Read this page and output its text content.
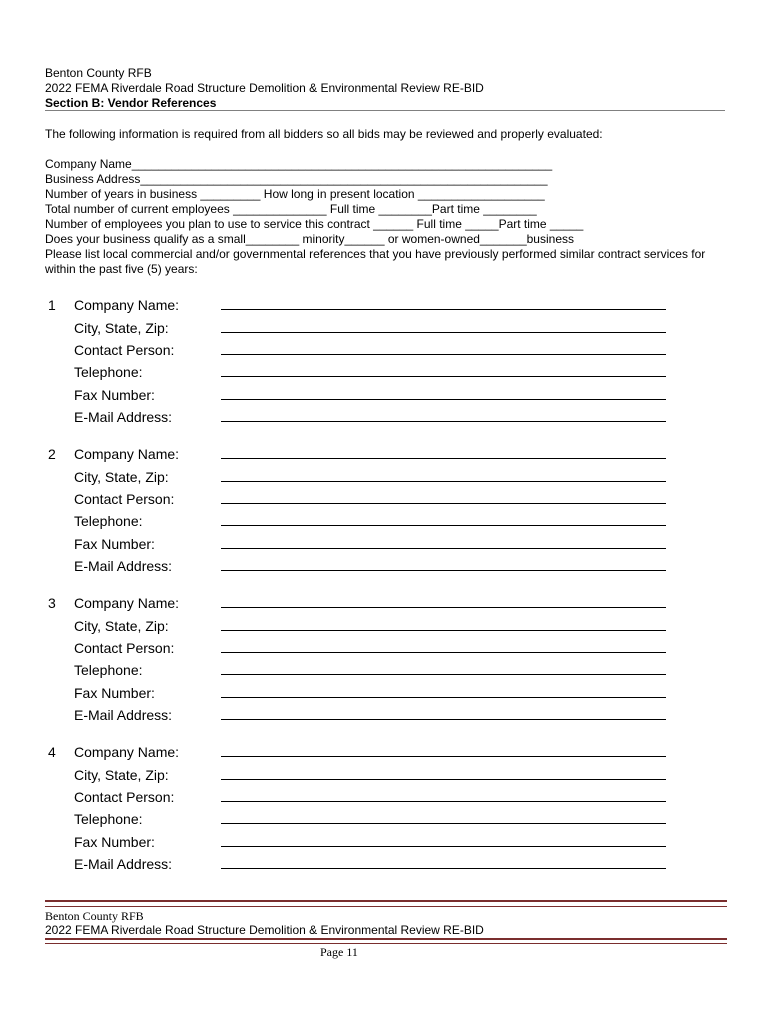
Benton County RFB
2022 FEMA Riverdale Road Structure Demolition & Environmental Review RE-BID
Section B: Vendor References
The following information is required from all bidders so all bids may be reviewed and properly evaluated:
Company Name_______________________________________________________________
Business Address_____________________________________________________________
Number of years in business _________ How long in present location ___________________
Total number of current employees ______________ Full time ________Part time ________
Number of employees you plan to use to service this contract ______ Full time _____Part time _____
Does your business qualify as a small________ minority______ or women-owned_______business
Please list local commercial and/or governmental references that you have previously performed similar contract services for within the past five (5) years:
1 Company Name:
City, State, Zip:
Contact Person:
Telephone:
Fax Number:
E-Mail Address:
2 Company Name:
City, State, Zip:
Contact Person:
Telephone:
Fax Number:
E-Mail Address:
3 Company Name:
City, State, Zip:
Contact Person:
Telephone:
Fax Number:
E-Mail Address:
4 Company Name:
City, State, Zip:
Contact Person:
Telephone:
Fax Number:
E-Mail Address:
Benton County RFB
2022 FEMA Riverdale Road Structure Demolition & Environmental Review RE-BID
Page 11
